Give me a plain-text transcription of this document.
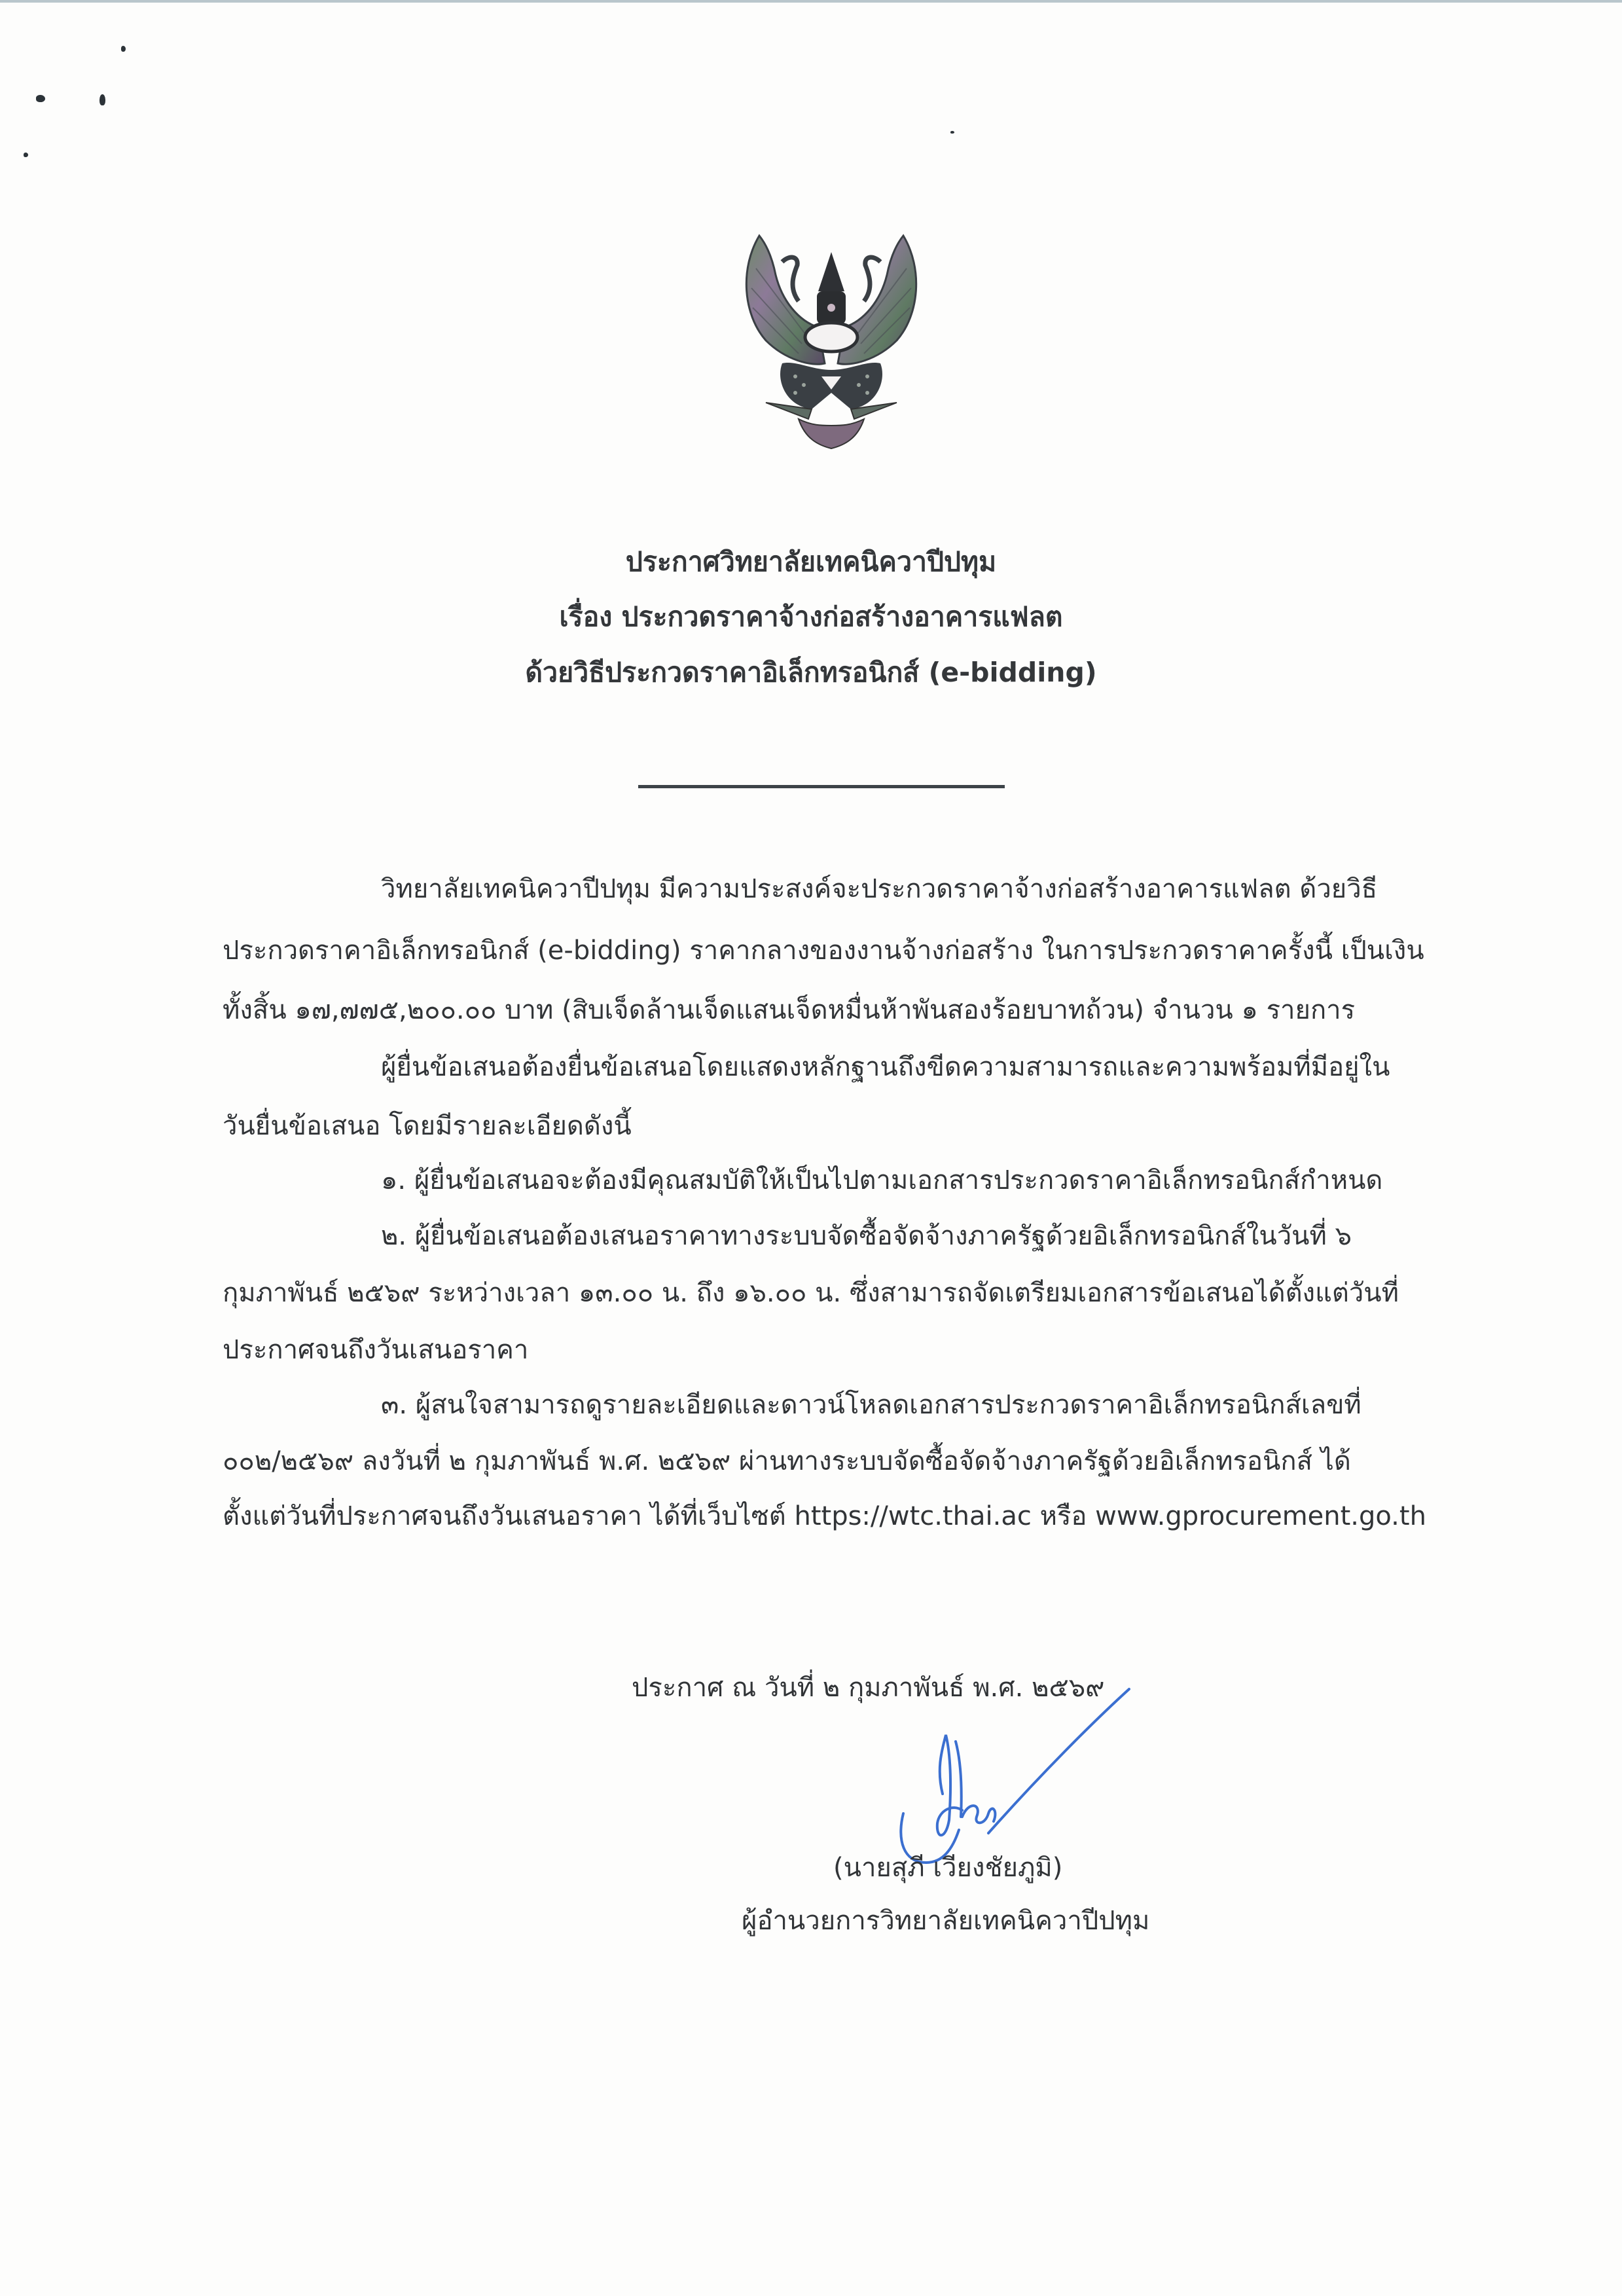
ประกาศวิทยาลัยเทคนิควาปีปทุม
เรื่อง ประกวดราคาจ้างก่อสร้างอาคารแฟลต
ด้วยวิธีประกวดราคาอิเล็กทรอนิกส์ (e-bidding)
วิทยาลัยเทคนิควาปีปทุม มีความประสงค์จะประกวดราคาจ้างก่อสร้างอาคารแฟลต ด้วยวิธี
ประกวดราคาอิเล็กทรอนิกส์ (e-bidding) ราคากลางของงานจ้างก่อสร้าง ในการประกวดราคาครั้งนี้ เป็นเงิน
ทั้งสิ้น ๑๗,๗๗๕,๒๐๐.๐๐ บาท (สิบเจ็ดล้านเจ็ดแสนเจ็ดหมื่นห้าพันสองร้อยบาทถ้วน) จำนวน ๑ รายการ
ผู้ยื่นข้อเสนอต้องยื่นข้อเสนอโดยแสดงหลักฐานถึงขีดความสามารถและความพร้อมที่มีอยู่ใน
วันยื่นข้อเสนอ โดยมีรายละเอียดดังนี้
๑. ผู้ยื่นข้อเสนอจะต้องมีคุณสมบัติให้เป็นไปตามเอกสารประกวดราคาอิเล็กทรอนิกส์กำหนด
๒. ผู้ยื่นข้อเสนอต้องเสนอราคาทางระบบจัดซื้อจัดจ้างภาครัฐด้วยอิเล็กทรอนิกส์ในวันที่ ๖
กุมภาพันธ์ ๒๕๖๙ ระหว่างเวลา ๑๓.๐๐ น. ถึง ๑๖.๐๐ น. ซึ่งสามารถจัดเตรียมเอกสารข้อเสนอได้ตั้งแต่วันที่
ประกาศจนถึงวันเสนอราคา
๓. ผู้สนใจสามารถดูรายละเอียดและดาวน์โหลดเอกสารประกวดราคาอิเล็กทรอนิกส์เลขที่
๐๐๒/๒๕๖๙ ลงวันที่ ๒ กุมภาพันธ์ พ.ศ. ๒๕๖๙ ผ่านทางระบบจัดซื้อจัดจ้างภาครัฐด้วยอิเล็กทรอนิกส์ ได้
ตั้งแต่วันที่ประกาศจนถึงวันเสนอราคา ได้ที่เว็บไซต์ https://wtc.thai.ac หรือ www.gprocurement.go.th
ประกาศ ณ วันที่ ๒ กุมภาพันธ์ พ.ศ. ๒๕๖๙
(นายสุภี เวียงชัยภูมิ)
ผู้อำนวยการวิทยาลัยเทคนิควาปีปทุม
